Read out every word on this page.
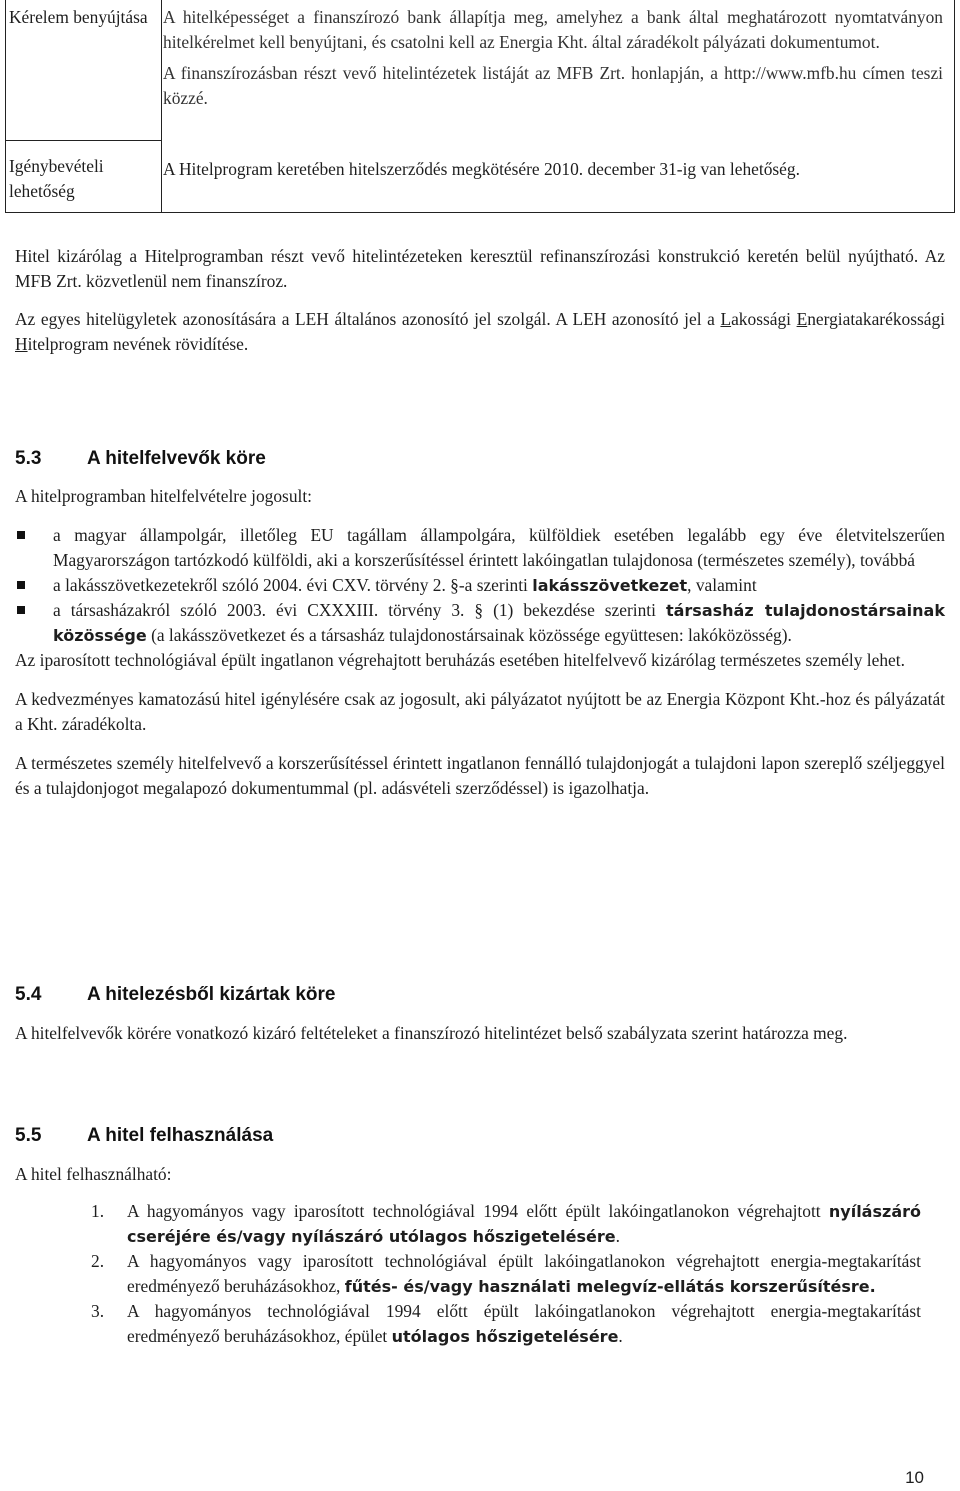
Kérelem benyújtása
Igénybevételi lehetőség

A hitelképességet a finanszírozó bank állapítja meg, amelyhez a bank által meghatározott nyomtatványon hitelkérelmet kell benyújtani, és csatolni kell az Energia Kht. által záradékolt pályázati dokumentumot.

A finanszírozásban részt vevő hitelintézetek listáját az MFB Zrt. honlapján, a http://www.mfb.hu címen teszi közzé.

A Hitelprogram keretében hitelszerződés megkötésére 2010. december 31-ig van lehetőség.

Hitel kizárólag a Hitelprogramban részt vevő hitelintézeteken keresztül refinanszírozási konstrukció keretén belül nyújtható. Az MFB Zrt. közvetlenül nem finanszíroz.

Az egyes hitelügyletek azonosítására a LEH általános azonosító jel szolgál. A LEH azonosító jel a Lakossági Energiatakarékossági Hitelprogram nevének rövidítése.

5.3 A hitelfelvevők köre

A hitelprogramban hitelfelvételre jogosult:

a magyar állampolgár, illetőleg EU tagállam állampolgára, külföldiek esetében legalább egy éve életvitelszerűen Magyarországon tartózkodó külföldi, aki a korszerűsítéssel érintett lakóingatlan tulajdonosa (természetes személy), továbbá
a lakásszövetkezetekről szóló 2004. évi CXV. törvény 2. §-a szerinti lakásszövetkezet, valamint
a társasházakról szóló 2003. évi CXXXIII. törvény 3. § (1) bekezdése szerinti társasház tulajdonostársainak közössége (a lakásszövetkezet és a társasház tulajdonostársainak közössége együttesen: lakóközösség).

Az iparosított technológiával épült ingatlanon végrehajtott beruházás esetében hitelfelvevő kizárólag természetes személy lehet.

A kedvezményes kamatozású hitel igénylésére csak az jogosult, aki pályázatot nyújtott be az Energia Központ Kht.-hoz és pályázatát a Kht. záradékolta.

A természetes személy hitelfelvevő a korszerűsítéssel érintett ingatlanon fennálló tulajdonjogát a tulajdoni lapon szereplő széljeggyel és a tulajdonjogot megalapozó dokumentummal (pl. adásvételi szerződéssel) is igazolhatja.

5.4 A hitelezésből kizártak köre

A hitelfelvevők körére vonatkozó kizáró feltételeket a finanszírozó hitelintézet belső szabályzata szerint határozza meg.

5.5 A hitel felhasználása

A hitel felhasználható:

1. A hagyományos vagy iparosított technológiával 1994 előtt épült lakóingatlanokon végrehajtott nyílászáró cseréjére és/vagy nyílászáró utólagos hőszigetelésére.
2. A hagyományos vagy iparosított technológiával épült lakóingatlanokon végrehajtott energia-megtakarítást eredményező beruházásokhoz, fűtés- és/vagy használati melegvíz-ellátás korszerűsítésre.
3. A hagyományos technológiával 1994 előtt épült lakóingatlanokon végrehajtott energia-megtakarítást eredményező beruházásokhoz, épület utólagos hőszigetelésére.
10
